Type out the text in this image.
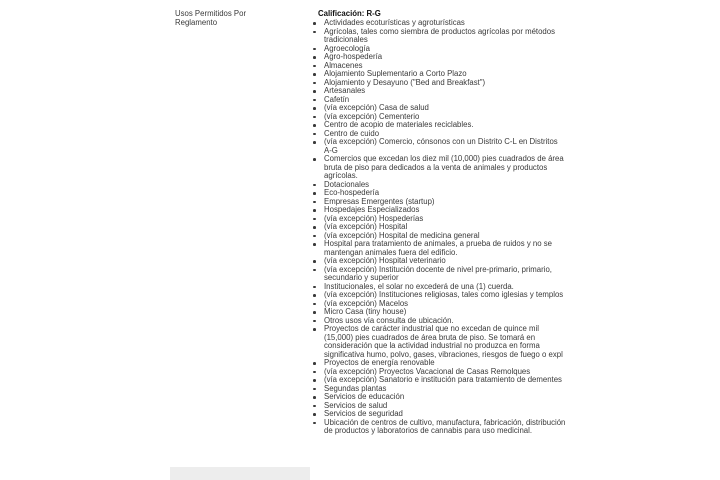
Usos Permitidos Por Reglamento
Calificación: R-G
Actividades ecoturísticas y agroturísticas
Agrícolas, tales como siembra de productos agrícolas por métodos tradicionales
Agroecología
Agro-hospedería
Almacenes
Alojamiento Suplementario a Corto Plazo
Alojamiento y Desayuno ("Bed and Breakfast")
Artesanales
Cafetín
(vía excepción) Casa de salud
(vía excepción) Cementerio
Centro de acopio de materiales reciclables.
Centro de cuido
(vía excepción) Comercio, cónsonos con un Distrito C-L en Distritos A-G
Comercios que excedan los diez mil (10,000) pies cuadrados de área bruta de piso para dedicados a la venta de animales y productos agrícolas.
Dotacionales
Eco-hospedería
Empresas Emergentes (startup)
Hospedajes Especializados
(vía excepción) Hospederías
(vía excepción) Hospital
(vía excepción) Hospital de medicina general
Hospital para tratamiento de animales, a prueba de ruidos y no se mantengan animales fuera del edificio.
(vía excepción) Hospital veterinario
(vía excepción) Institución docente de nivel pre-primario, primario, secundario y superior
Institucionales, el solar no excederá de una (1) cuerda.
(vía excepción) Instituciones religiosas, tales como iglesias y templos
(vía excepción) Macelos
Micro Casa (tiny house)
Otros usos vía consulta de ubicación.
Proyectos de carácter industrial que no excedan de quince mil (15,000) pies cuadrados de área bruta de piso. Se tomará en consideración que la actividad industrial no produzca en forma significativa humo, polvo, gases, vibraciones, riesgos de fuego o expl
Proyectos de energía renovable
(vía excepción) Proyectos Vacacional de Casas Remolques
(vía excepción) Sanatorio e institución para tratamiento de dementes
Segundas plantas
Servicios de educación
Servicios de salud
Servicios de seguridad
Ubicación de centros de cultivo, manufactura, fabricación, distribución de productos y laboratorios de cannabis para uso medicinal.
